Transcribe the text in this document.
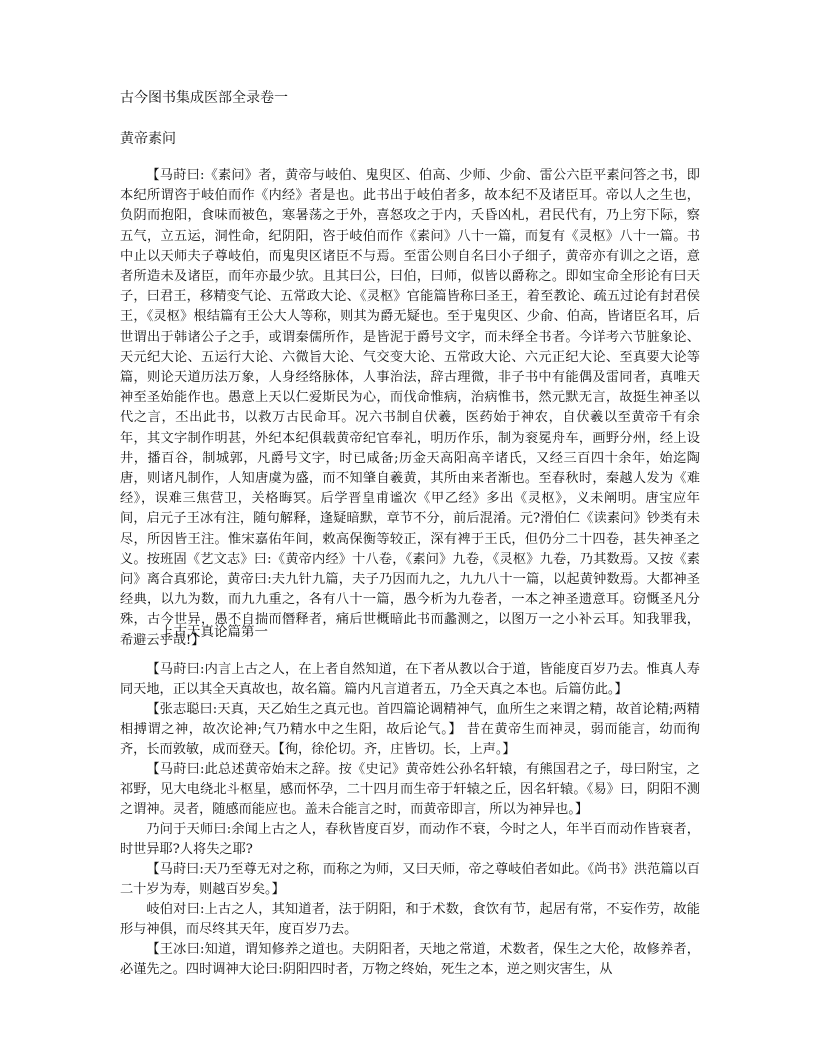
古今图书集成医部全录卷一
黄帝素问

【马莳曰:《素问》者，黄帝与岐伯、鬼臾区、伯高、少师、少俞、雷公六臣平素问答之书，即本纪所谓咨于岐伯而作《内经》者是也。此书出于岐伯者多，故本纪不及诸臣耳。帝以人之生也，负阴而抱阳，食味而被色，寒暑荡之于外，喜怒攻之于内，夭昏凶札，君民代有，乃上穷下际，察五气，立五运，洞性命，纪阴阳，咨于岐伯而作《素问》八十一篇，而复有《灵枢》八十一篇。书中止以天师夫子尊岐伯，而鬼臾区诸臣不与焉。至雷公则自名曰小子细子，黄帝亦有训之之语，意者所造未及诸臣，而年亦最少欤。且其曰公，曰伯，曰师，似皆以爵称之。即如宝命全形论有曰天子，曰君王，移精变气论、五常政大论、《灵枢》官能篇皆称曰圣王，着至教论、疏五过论有封君侯王，《灵枢》根结篇有王公大人等称，则其为爵无疑也。至于鬼臾区、少俞、伯高，皆诸臣名耳，后世谓出于韩诸公子之手，或谓秦儒所作，是皆泥于爵号文字，而未绎全书者。今详考六节脏象论、天元纪大论、五运行大论、六微旨大论、气交变大论、五常政大论、六元正纪大论、至真要大论等篇，则论天道历法万象，人身经络脉体，人事治法，辞古理微，非子书中有能偶及雷同者，真唯天神至圣始能作也。愚意上天以仁爱斯民为心，而伐命惟病，治病惟书，然元默无言，故挺生神圣以代之言，丕出此书，以救万古民命耳。况六书制自伏羲，医药始于神农，自伏羲以至黄帝千有余年，其文字制作明甚，外纪本纪俱载黄帝纪官奉礼，明历作乐，制为衮冕舟车，画野分州，经上设井，播百谷，制城郭，凡爵号文字，时已咸备;历金天高阳高辛诸氏，又经三百四十余年，始迄陶唐，则诸凡制作，人知唐虞为盛，而不知肇自羲黄，其所由来者渐也。至春秋时，秦越人发为《难经》，误难三焦营卫，关格晦冥。后学晋皇甫谧次《甲乙经》多出《灵枢》，义未阐明。唐宝应年间，启元子王冰有注，随句解释，逢疑暗默，章节不分，前后混淆。元?滑伯仁《读素问》钞类有未尽，所因皆王注。惟宋嘉佑年间，敕高保衡等较正，深有裨于王氏，但仍分二十四卷，甚失神圣之义。按班固《艺文志》曰:《黄帝内经》十八卷，《素问》九卷，《灵枢》九卷，乃其数焉。又按《素问》离合真邪论，黄帝曰:夫九针九篇，夫子乃因而九之，九九八十一篇，以起黄钟数焉。大都神圣经典，以九为数，而九九重之，各有八十一篇，愚今析为九卷者，一本之神圣遗意耳。窃慨圣凡分殊，古今世异，愚不自揣而僭释者，痛后世概暗此书而蠡测之，以图万一之小补云耳。知我罪我，希避云乎哉!】

上古天真论篇第一

【马莳曰:内言上古之人，在上者自然知道，在下者从教以合于道，皆能度百岁乃去。惟真人寿同天地，正以其全天真故也，故名篇。篇内凡言道者五，乃全天真之本也。后篇仿此。】

【张志聪曰:天真，天乙始生之真元也。首四篇论调精神气，血所生之来谓之精，故首论精;两精相搏谓之神，故次论神;气乃精水中之生阳，故后论气。】 昔在黄帝生而神灵，弱而能言，幼而徇齐，长而敦敏，成而登天。【徇，徐伦切。齐，庄皆切。长，上声。】

【马莳曰:此总述黄帝始末之辞。按《史记》黄帝姓公孙名轩辕，有熊国君之子，母曰附宝，之祁野，见大电绕北斗枢星，感而怀孕，二十四月而生帝于轩辕之丘，因名轩辕。《易》曰，阴阳不测之谓神。灵者，随感而能应也。盖未合能言之时，而黄帝即言，所以为神异也。】

乃问于天师曰:余闻上古之人，春秋皆度百岁，而动作不衰，今时之人，年半百而动作皆衰者，时世异耶?人将失之耶?

【马莳曰:天乃至尊无对之称，而称之为师，又曰天师，帝之尊岐伯者如此。《尚书》洪范篇以百二十岁为寿，则越百岁矣。】

岐伯对曰:上古之人，其知道者，法于阴阳，和于术数，食饮有节，起居有常，不妄作劳，故能形与神俱，而尽终其天年，度百岁乃去。

【王冰曰:知道，谓知修养之道也。夫阴阳者，天地之常道，术数者，保生之大伦，故修养者，必谨先之。四时调神大论曰:阴阳四时者，万物之终始，死生之本，逆之则灾害生，从
